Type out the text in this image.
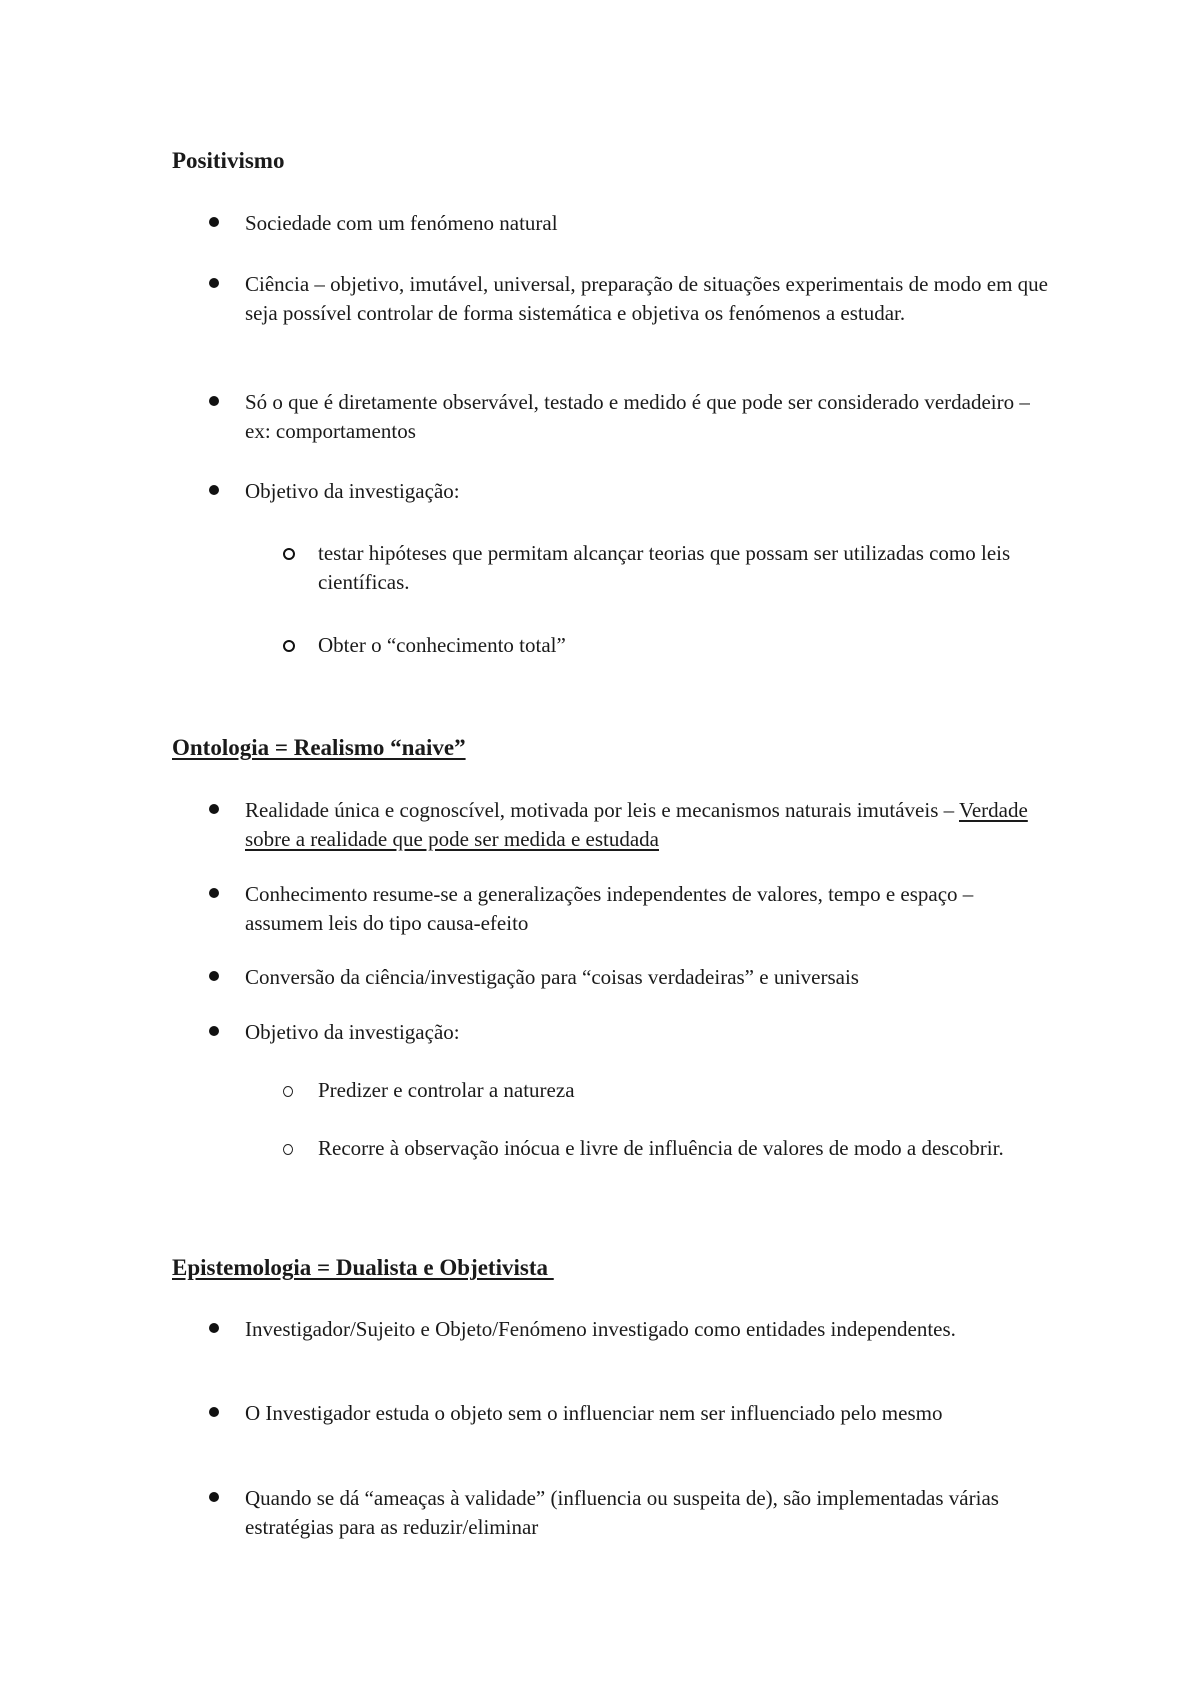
Positivismo
Sociedade com um fenómeno natural
Ciência – objetivo, imutável, universal, preparação de situações experimentais de modo em que seja possível controlar de forma sistemática e objetiva os fenómenos a estudar.
Só o que é diretamente observável, testado e medido é que pode ser considerado verdadeiro – ex: comportamentos
Objetivo da investigação:
testar hipóteses que permitam alcançar teorias que possam ser utilizadas como leis científicas.
Obter o “conhecimento total”
Ontologia = Realismo “naive”
Realidade única e cognoscível, motivada por leis e mecanismos naturais imutáveis – Verdade sobre a realidade que pode ser medida e estudada
Conhecimento resume-se a generalizações independentes de valores, tempo e espaço – assumem leis do tipo causa-efeito
Conversão da ciência/investigação para “coisas verdadeiras” e universais
Objetivo da investigação:
Predizer e controlar a natureza
Recorre à observação inócua e livre de influência de valores de modo a descobrir.
Epistemologia = Dualista e Objetivista
Investigador/Sujeito e Objeto/Fenómeno investigado como entidades independentes.
O Investigador estuda o objeto sem o influenciar nem ser influenciado pelo mesmo
Quando se dá “ameaças à validade” (influencia ou suspeita de), são implementadas várias estratégias para as reduzir/eliminar
